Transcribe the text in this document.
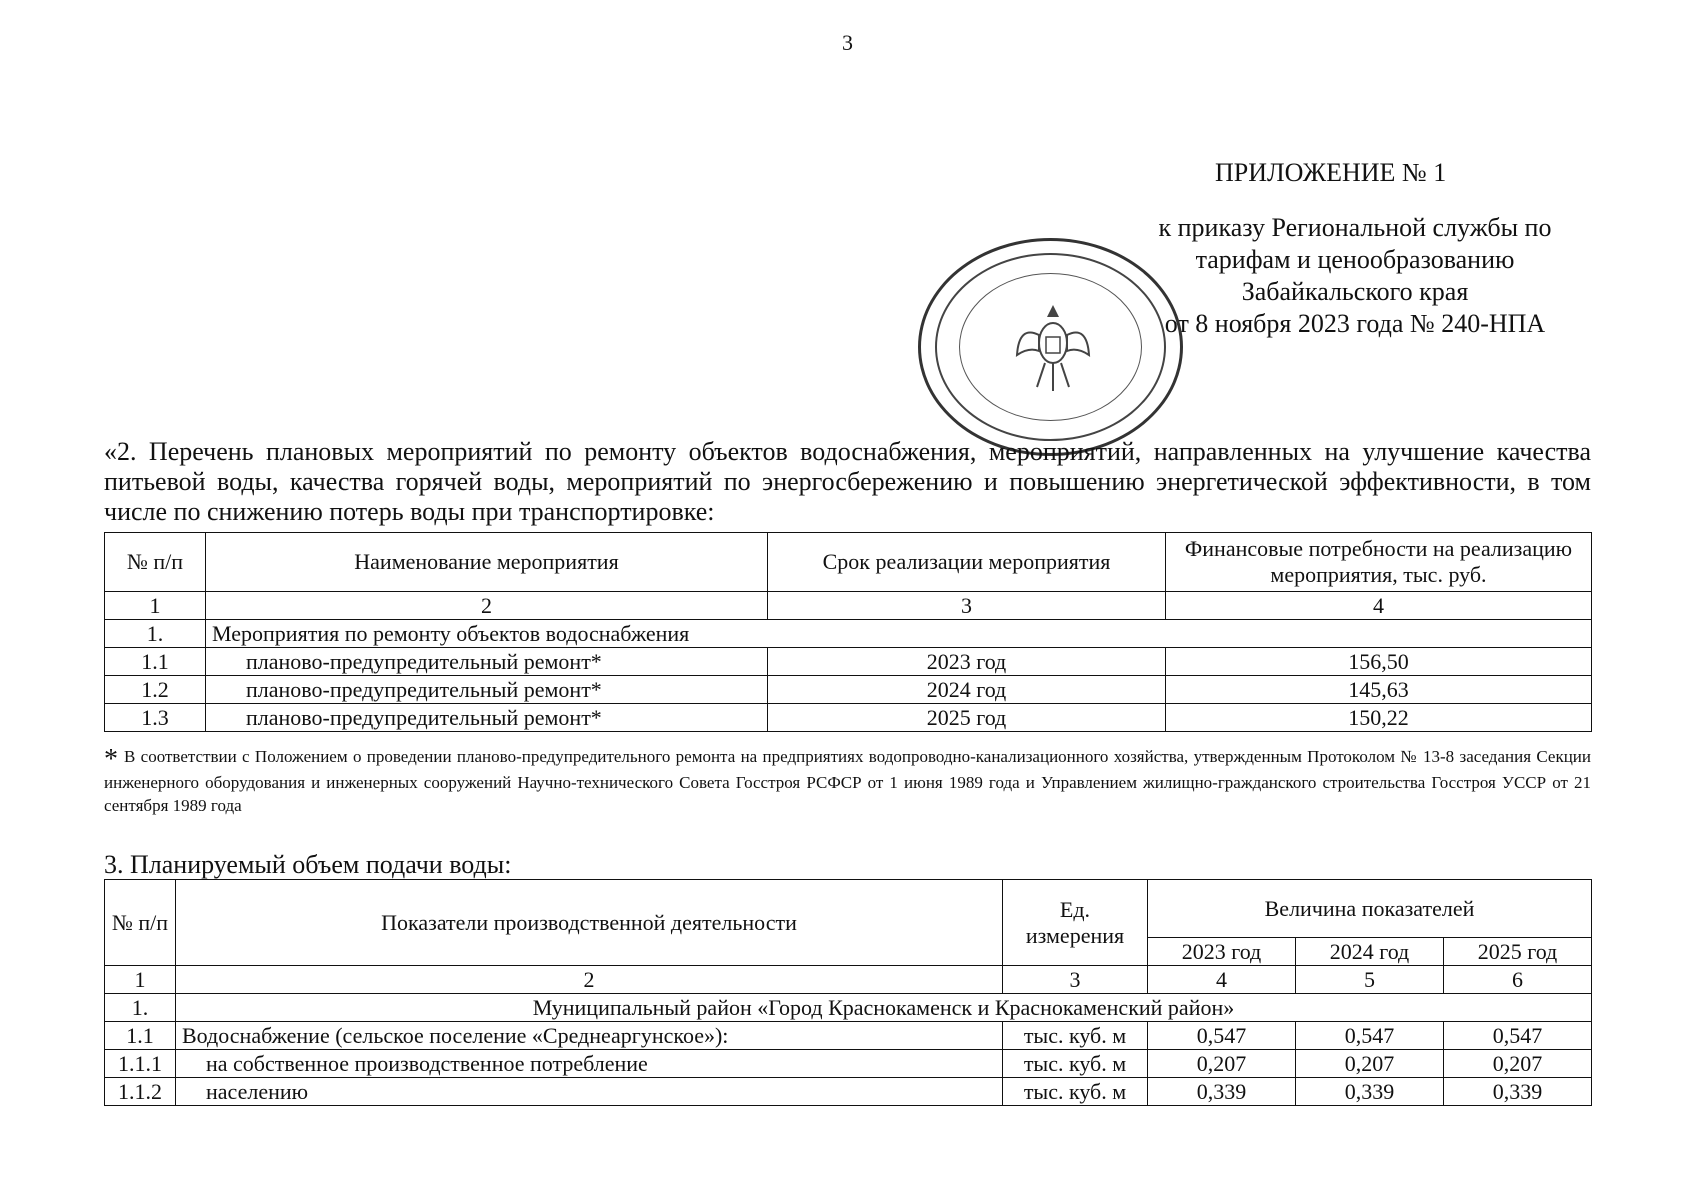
3
ПРИЛОЖЕНИЕ № 1
к приказу Региональной службы по
тарифам и ценообразованию
Забайкальского края
от 8 ноября 2023 года № 240-НПА
«2. Перечень плановых мероприятий по ремонту объектов водоснабжения, мероприятий, направленных на улучшение качества питьевой воды, качества горячей воды, мероприятий по энергосбережению и повышению энергетической эффективности, в том числе по снижению потерь воды при транспортировке:
№ п/п	Наименование мероприятия	Срок реализации мероприятия	Финансовые потребности на реализацию мероприятия, тыс. руб.
1	2	3	4
1.	Мероприятия по ремонту объектов водоснабжения		
1.1	планово-предупредительный ремонт*	2023 год	156,50
1.2	планово-предупредительный ремонт*	2024 год	145,63
1.3	планово-предупредительный ремонт*	2025 год	150,22
* В соответствии с Положением о проведении планово-предупредительного ремонта на предприятиях водопроводно-канализационного хозяйства, утвержденным Протоколом № 13-8 заседания Секции инженерного оборудования и инженерных сооружений Научно-технического Совета Госстроя РСФСР от 1 июня 1989 года и Управлением жилищно-гражданского строительства Госстроя УССР от 21 сентября 1989 года
3. Планируемый объем подачи воды:
№ п/п	Показатели производственной деятельности	Ед. измерения	Величина показателей		
			2023 год	2024 год	2025 год
1	2	3	4	5	6
1.	Муниципальный район «Город Краснокаменск и Краснокаменский район»				
1.1	Водоснабжение (сельское поселение «Среднеаргунское»):	тыс. куб. м	0,547	0,547	0,547
1.1.1	на собственное производственное потребление	тыс. куб. м	0,207	0,207	0,207
1.1.2	населению	тыс. куб. м	0,339	0,339	0,339
